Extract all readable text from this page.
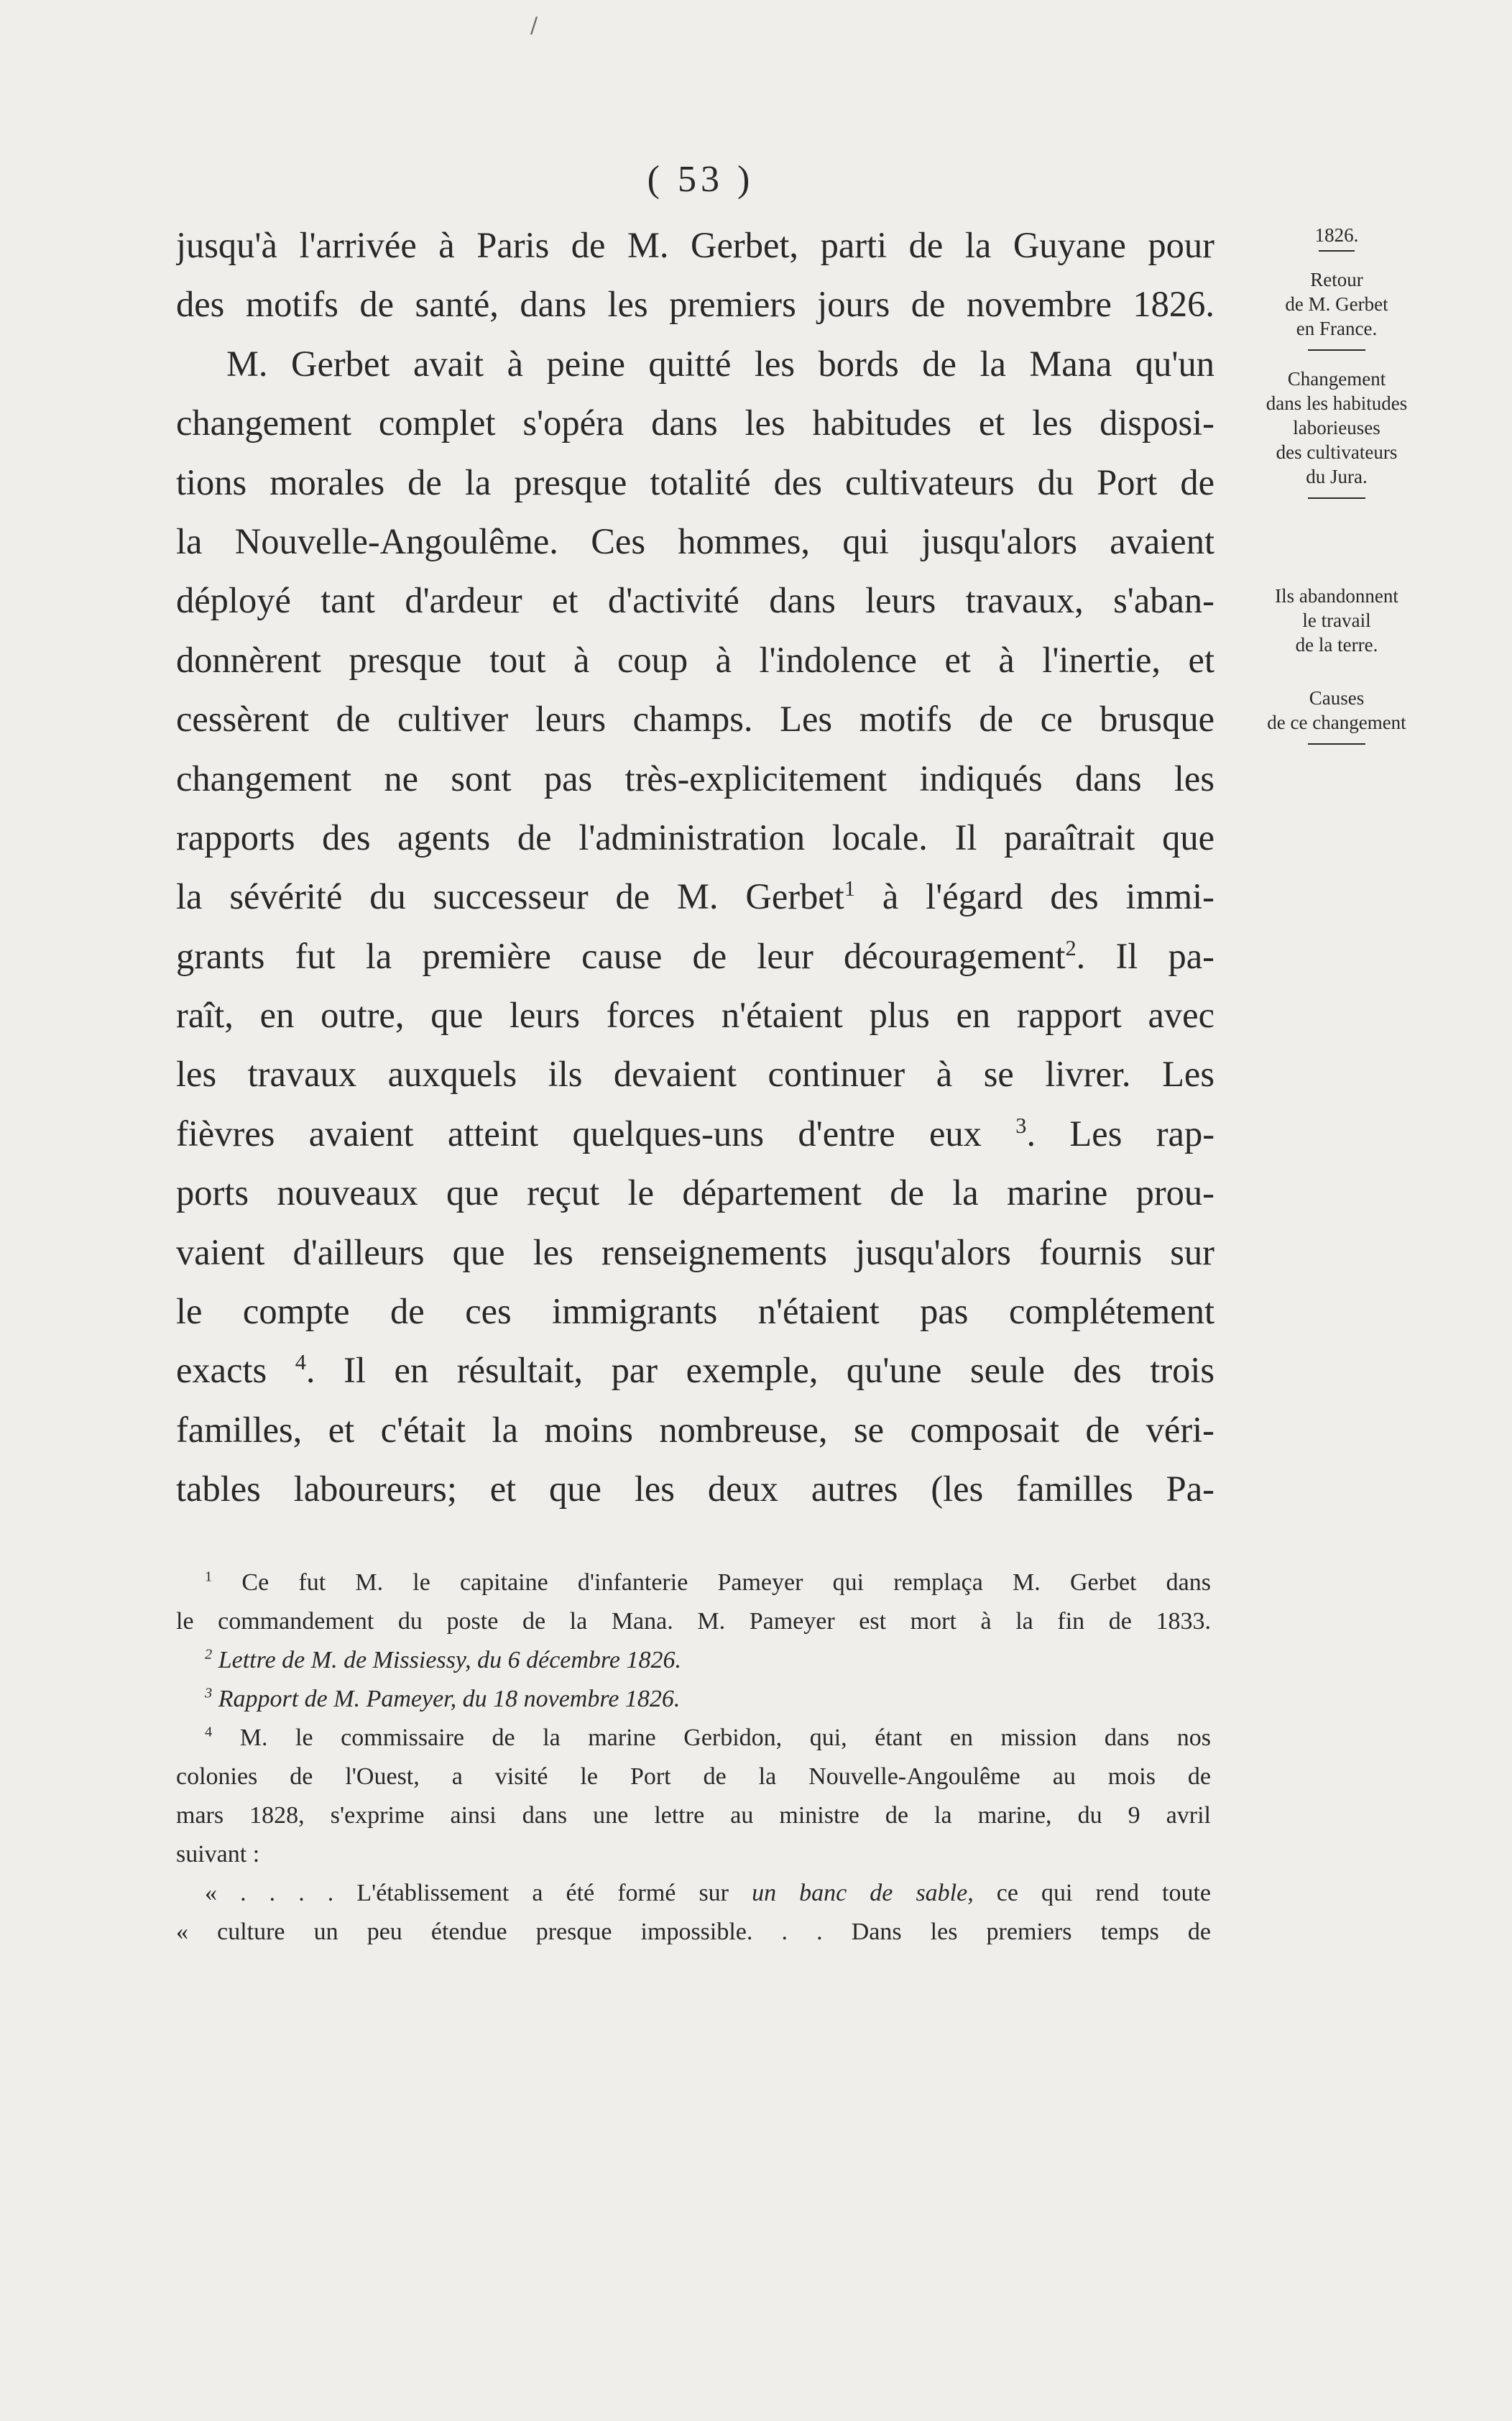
/
( 53 )
jusqu'à l'arrivée à Paris de M. Gerbet, parti de la Guyane pour
des motifs de santé, dans les premiers jours de novembre 1826.
M. Gerbet avait à peine quitté les bords de la Mana qu'un
changement complet s'opéra dans les habitudes et les disposi-
tions morales de la presque totalité des cultivateurs du Port de
la Nouvelle-Angoulême. Ces hommes, qui jusqu'alors avaient
déployé tant d'ardeur et d'activité dans leurs travaux, s'aban-
donnèrent presque tout à coup à l'indolence et à l'inertie, et
cessèrent de cultiver leurs champs. Les motifs de ce brusque
changement ne sont pas très-explicitement indiqués dans les
rapports des agents de l'administration locale. Il paraîtrait que
la sévérité du successeur de M. Gerbet$^1$ à l'égard des immi-
grants fut la première cause de leur découragement$^2$. Il pa-
raît, en outre, que leurs forces n'étaient plus en rapport avec
les travaux auxquels ils devaient continuer à se livrer. Les
fièvres avaient atteint quelques-uns d'entre eux $^3$. Les rap-
ports nouveaux que reçut le département de la marine prou-
vaient d'ailleurs que les renseignements jusqu'alors fournis sur
le compte de ces immigrants n'étaient pas complétement
exacts $^4$. Il en résultait, par exemple, qu'une seule des trois
familles, et c'était la moins nombreuse, se composait de véri-
tables laboureurs; et que les deux autres (les familles Pa-
1826.
Retour
de M. Gerbet
en France.
Changement
dans les habitudes
laborieuses
des cultivateurs
du Jura.
Ils abandonnent
le travail
de la terre.
Causes
de ce changement
$^1$ Ce fut M. le capitaine d'infanterie Pameyer qui remplaça M. Gerbet dans
le commandement du poste de la Mana. M. Pameyer est mort à la fin de 1833.
$^2$ Lettre de M. de Missiessy, du 6 décembre 1826.
$^3$ Rapport de M. Pameyer, du 18 novembre 1826.
$^4$ M. le commissaire de la marine Gerbidon, qui, étant en mission dans nos
colonies de l'Ouest, a visité le Port de la Nouvelle-Angoulême au mois de
mars 1828, s'exprime ainsi dans une lettre au ministre de la marine, du 9 avril
suivant :
« . . . . L'établissement a été formé sur un banc de sable, ce qui rend toute
« culture un peu étendue presque impossible. . . Dans les premiers temps de
